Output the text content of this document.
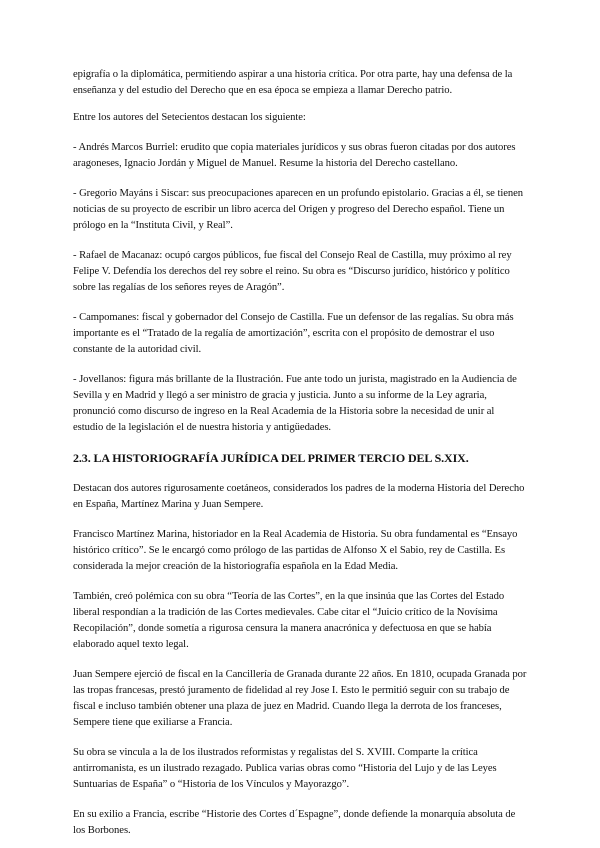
epigrafía o la diplomática, permitiendo aspirar a una historia crítica. Por otra parte, hay una defensa de la enseñanza y del estudio del Derecho que en esa época se empieza a llamar Derecho patrio.

Entre los autores del Setecientos destacan los siguiente:

- Andrés Marcos Burriel: erudito que copia materiales jurídicos y sus obras fueron citadas por dos autores aragoneses, Ignacio Jordán y Miguel de Manuel. Resume la historia del Derecho castellano.

- Gregorio Mayáns i Siscar: sus preocupaciones aparecen en un profundo epistolario. Gracias a él, se tienen noticias de su proyecto de escribir un libro acerca del Origen y progreso del Derecho español. Tiene un prólogo en la “Instituta Civil, y Real”.

- Rafael de Macanaz: ocupó cargos públicos, fue fiscal del Consejo Real de Castilla, muy próximo al rey Felipe V. Defendía los derechos del rey sobre el reino. Su obra es “Discurso jurídico, histórico y político sobre las regalías de los señores reyes de Aragón”.

- Campomanes: fiscal y gobernador del Consejo de Castilla. Fue un defensor de las regalías. Su obra más importante es el “Tratado de la regalía de amortización”, escrita con el propósito de demostrar el uso constante de la autoridad civil.

- Jovellanos: figura más brillante de la Ilustración. Fue ante todo un jurista, magistrado en la Audiencia de Sevilla y en Madrid y llegó a ser ministro de gracia y justicia. Junto a su informe de la Ley agraria, pronunció como discurso de ingreso en la Real Academia de la Historia sobre la necesidad de unir al estudio de la legislación el de nuestra historia y antigüedades.

2.3. LA HISTORIOGRAFÍA JURÍDICA DEL PRIMER TERCIO DEL S.XIX.

Destacan dos autores rigurosamente coetáneos, considerados los padres de la moderna Historia del Derecho en España, Martínez Marina y Juan Sempere.

Francisco Martínez Marina, historiador en la Real Academia de Historia. Su obra fundamental es “Ensayo histórico crítico”. Se le encargó como prólogo de las partidas de Alfonso X el Sabio, rey de Castilla. Es considerada la mejor creación de la historiografía española en la Edad Media.

También, creó polémica con su obra “Teoría de las Cortes”, en la que insinúa que las Cortes del Estado liberal respondían a la tradición de las Cortes medievales. Cabe citar el “Juicio crítico de la Novísima Recopilación”, donde sometía a rigurosa censura la manera anacrónica y defectuosa en que se había elaborado aquel texto legal.

Juan Sempere ejerció de fiscal en la Cancillería de Granada durante 22 años. En 1810, ocupada Granada por las tropas francesas, prestó juramento de fidelidad al rey Jose I. Esto le permitió seguir con su trabajo de fiscal e incluso también obtener una plaza de juez en Madrid. Cuando llega la derrota de los franceses, Sempere tiene que exiliarse a Francia.

Su obra se vincula a la de los ilustrados reformistas y regalistas del S. XVIII. Comparte la crítica antirromanista, es un ilustrado rezagado. Publica varias obras como “Historia del Lujo y de las Leyes Suntuarias de España” o “Historia de los Vínculos y Mayorazgo”.

En su exilio a Francia, escribe “Historie des Cortes d´Espagne”, donde defiende la monarquía absoluta de los Borbones.
